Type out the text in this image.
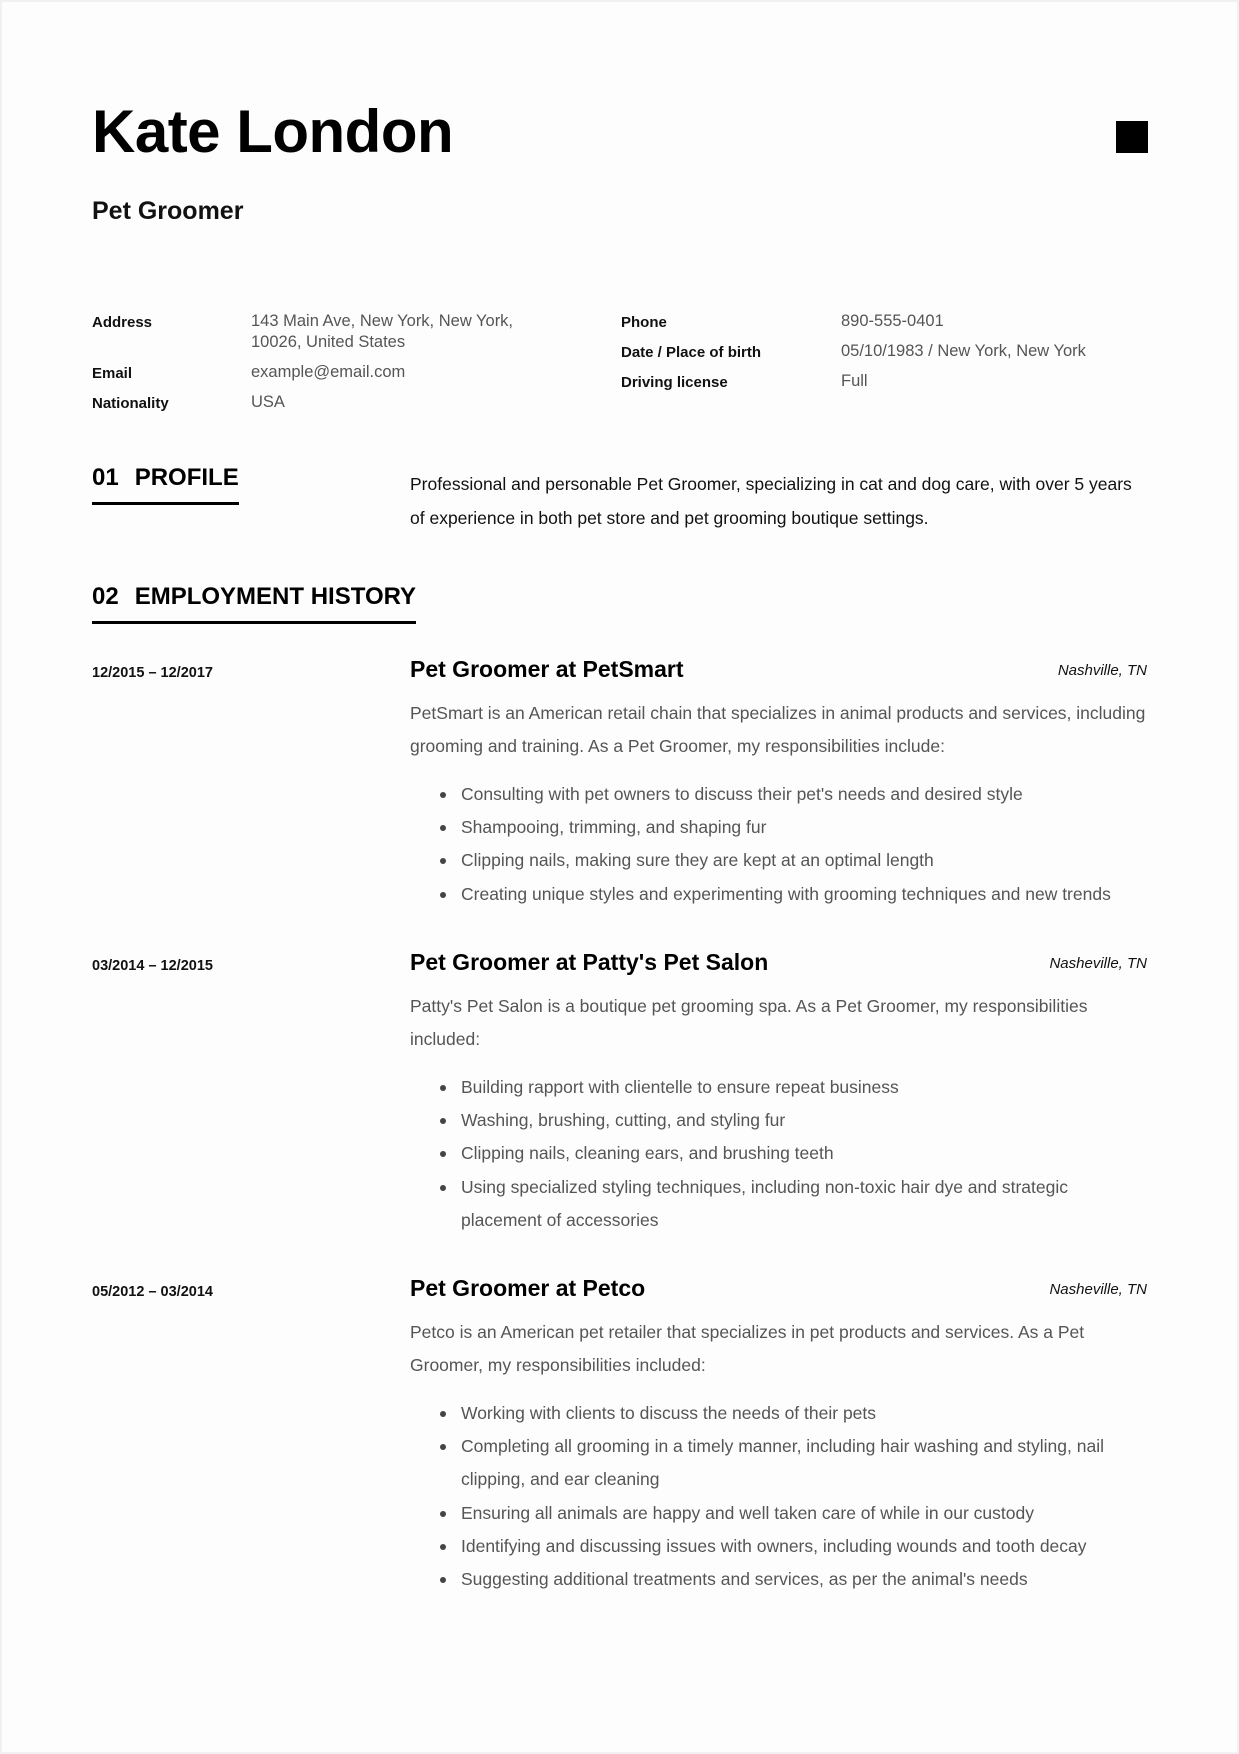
Kate London
Pet Groomer
Address	143 Main Ave, New York, New York,
10026, United States
Email	example@email.com
Nationality	USA
Phone	890-555-0401
Date / Place of birth	05/10/1983 / New York, New York
Driving license	Full
01 PROFILE	Professional and personable Pet Groomer, specializing in cat and dog care, with over 5 years of experience in both pet store and pet grooming boutique settings.
02 EMPLOYMENT HISTORY
12/2015 – 12/2017	Pet Groomer at PetSmart	Nashville, TN
PetSmart is an American retail chain that specializes in animal products and services, including grooming and training. As a Pet Groomer, my responsibilities include:
Consulting with pet owners to discuss their pet's needs and desired style
Shampooing, trimming, and shaping fur
Clipping nails, making sure they are kept at an optimal length
Creating unique styles and experimenting with grooming techniques and new trends
03/2014 – 12/2015	Pet Groomer at Patty's Pet Salon	Nasheville, TN
Patty's Pet Salon is a boutique pet grooming spa. As a Pet Groomer, my responsibilities included:
Building rapport with clientelle to ensure repeat business
Washing, brushing, cutting, and styling fur
Clipping nails, cleaning ears, and brushing teeth
Using specialized styling techniques, including non-toxic hair dye and strategic placement of accessories
05/2012 – 03/2014	Pet Groomer at Petco	Nasheville, TN
Petco is an American pet retailer that specializes in pet products and services. As a Pet Groomer, my responsibilities included:
Working with clients to discuss the needs of their pets
Completing all grooming in a timely manner, including hair washing and styling, nail clipping, and ear cleaning
Ensuring all animals are happy and well taken care of while in our custody
Identifying and discussing issues with owners, including wounds and tooth decay
Suggesting additional treatments and services, as per the animal's needs
